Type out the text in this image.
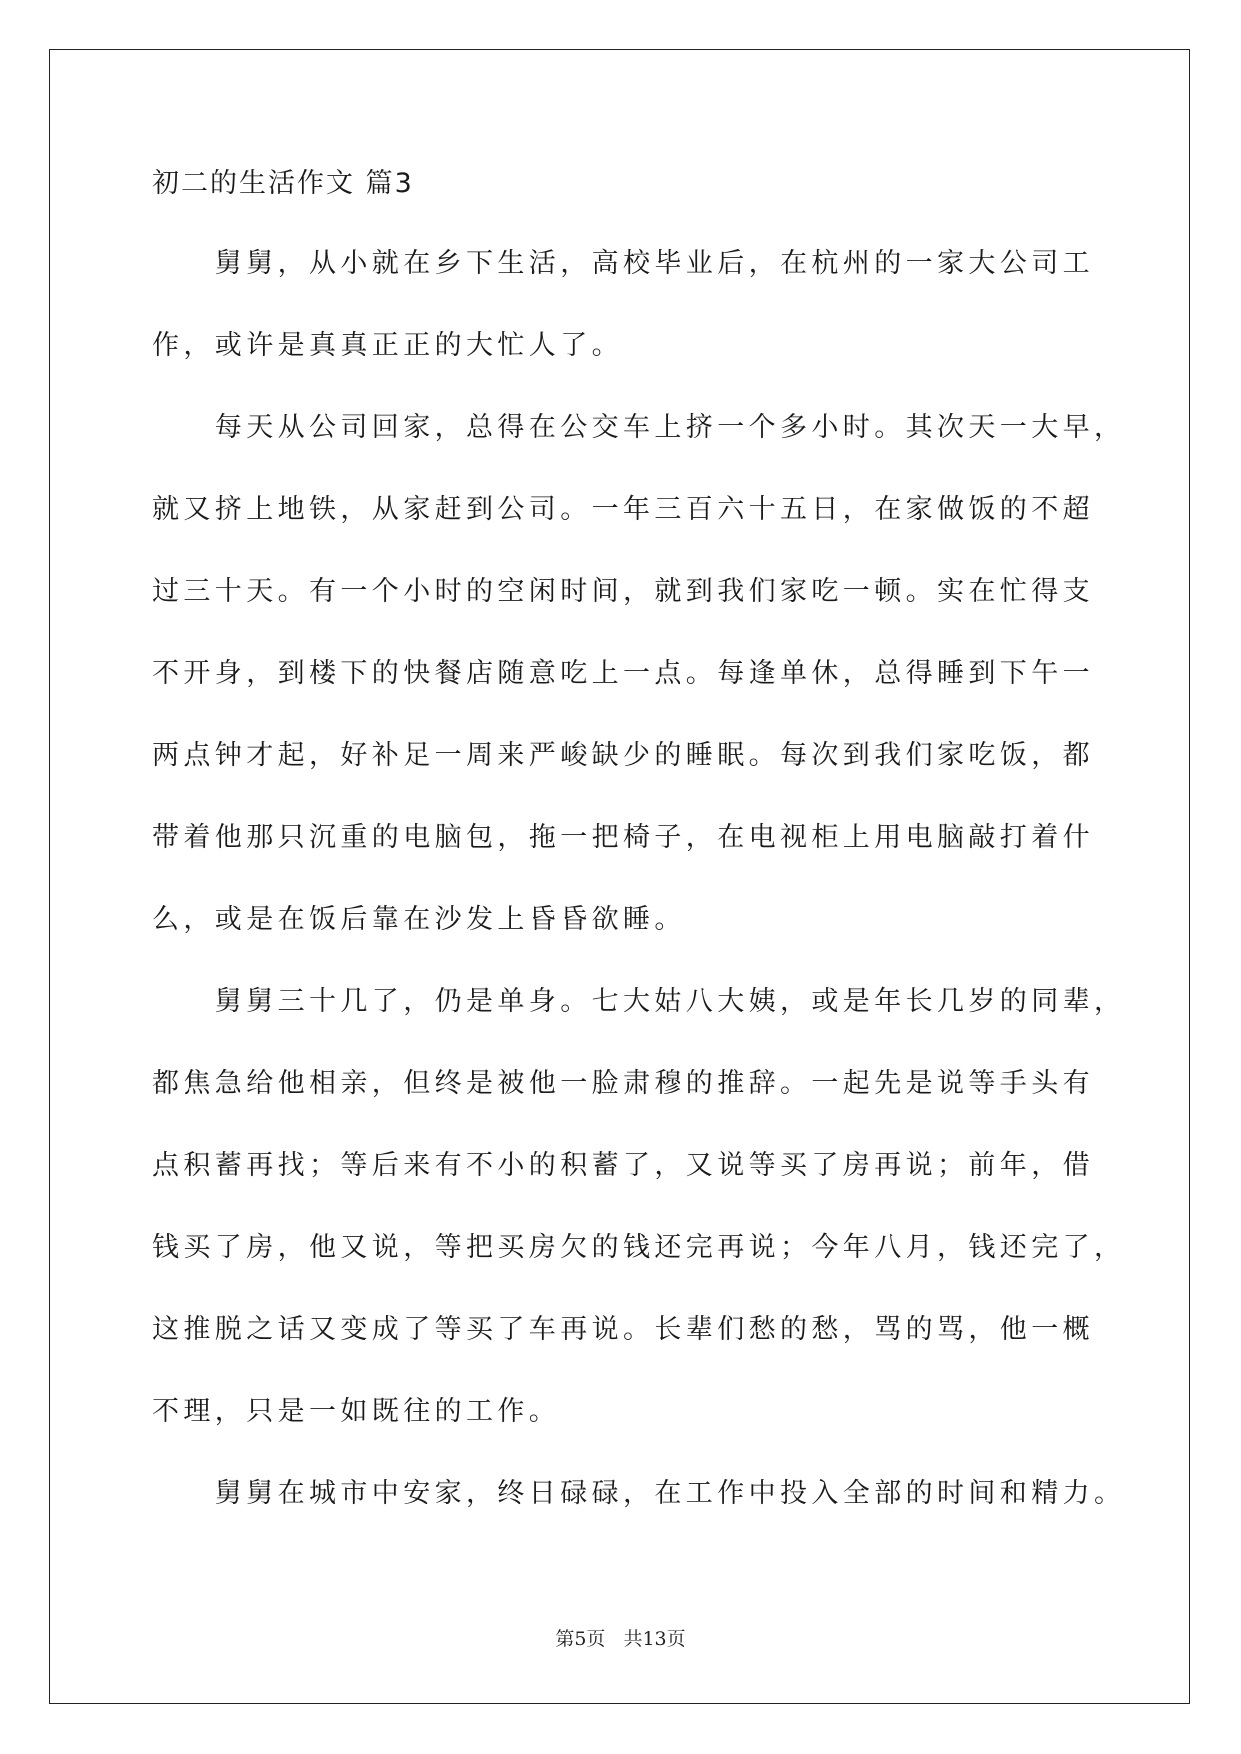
初二的生活作文 篇3
　　舅舅，从小就在乡下生活，高校毕业后，在杭州的一家大公司工
作，或许是真真正正的大忙人了。
　　每天从公司回家，总得在公交车上挤一个多小时。其次天一大早，
就又挤上地铁，从家赶到公司。一年三百六十五日，在家做饭的不超
过三十天。有一个小时的空闲时间，就到我们家吃一顿。实在忙得支
不开身，到楼下的快餐店随意吃上一点。每逢单休，总得睡到下午一
两点钟才起，好补足一周来严峻缺少的睡眠。每次到我们家吃饭，都
带着他那只沉重的电脑包，拖一把椅子，在电视柜上用电脑敲打着什
么，或是在饭后靠在沙发上昏昏欲睡。
　　舅舅三十几了，仍是单身。七大姑八大姨，或是年长几岁的同辈，
都焦急给他相亲，但终是被他一脸肃穆的推辞。一起先是说等手头有
点积蓄再找；等后来有不小的积蓄了，又说等买了房再说；前年，借
钱买了房，他又说，等把买房欠的钱还完再说；今年八月，钱还完了，
这推脱之话又变成了等买了车再说。长辈们愁的愁，骂的骂，他一概
不理，只是一如既往的工作。
　　舅舅在城市中安家，终日碌碌，在工作中投入全部的时间和精力。
第5页 共13页
